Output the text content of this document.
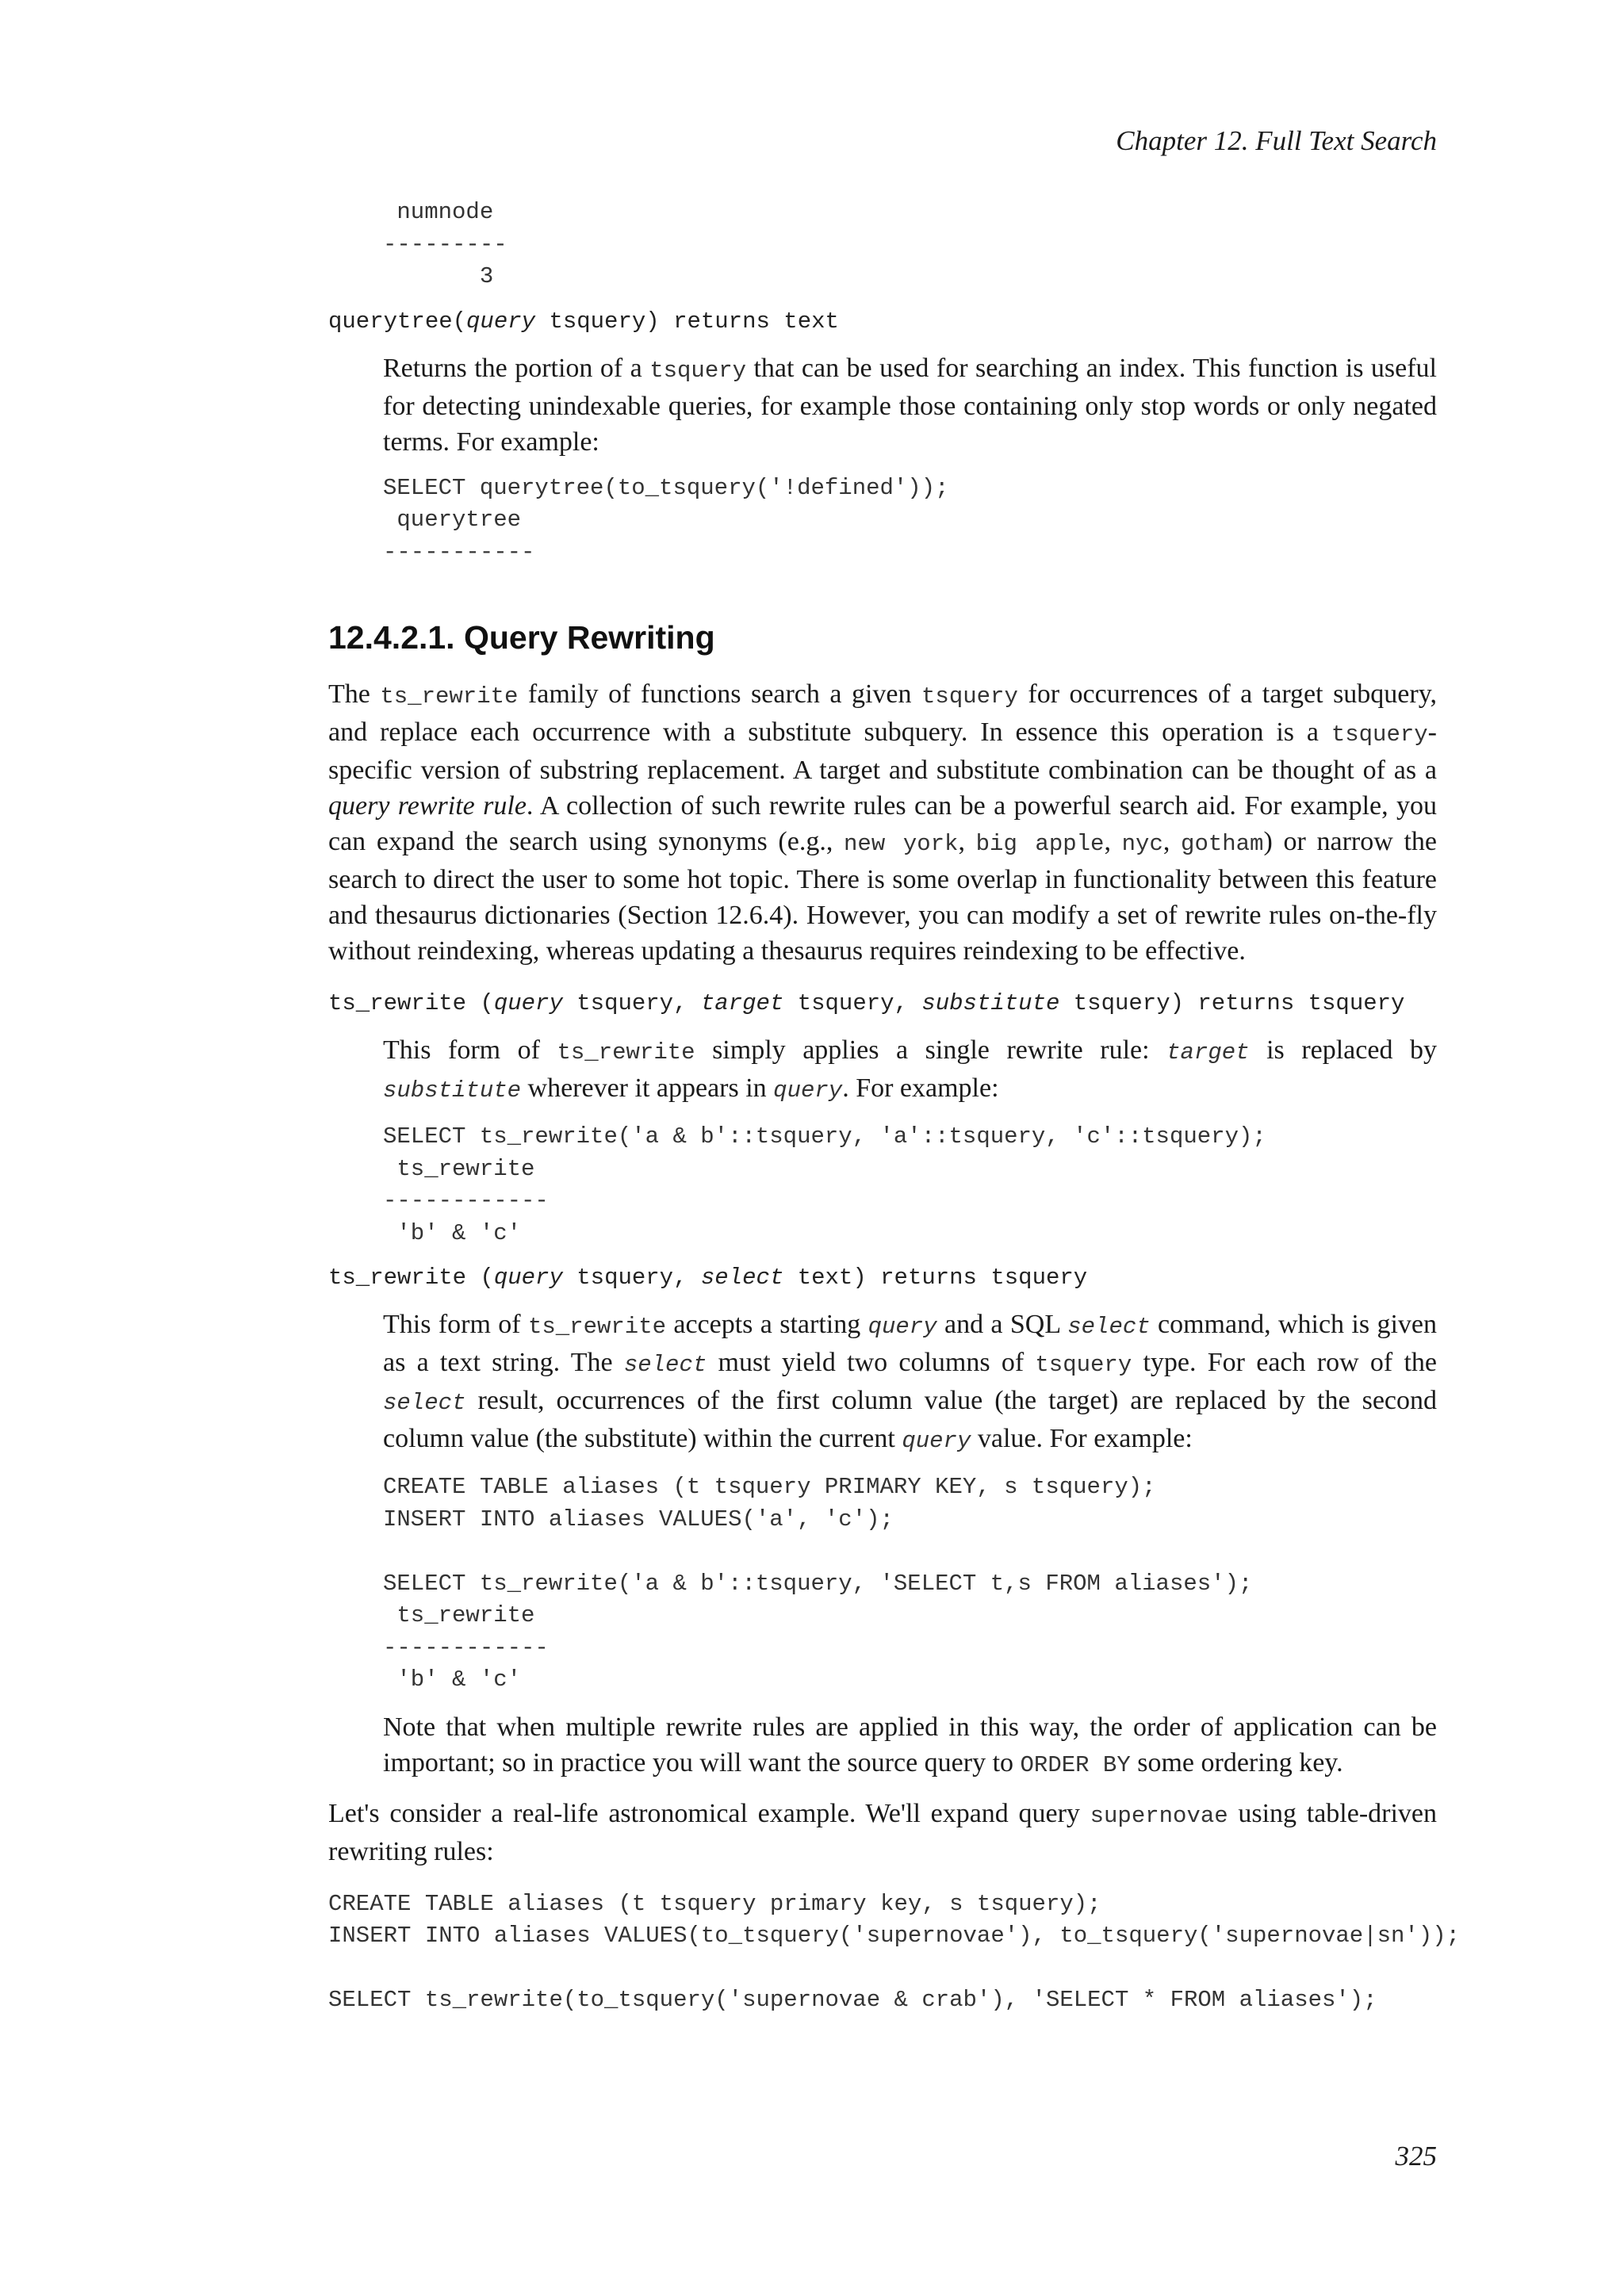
Chapter 12. Full Text Search
numnode
---------
3

querytree(query tsquery) returns text

Returns the portion of a tsquery that can be used for searching an index. This function is useful for detecting unindexable queries, for example those containing only stop words or only negated terms. For example:

SELECT querytree(to_tsquery('!defined'));
querytree
-----------
12.4.2.1. Query Rewriting

The ts_rewrite family of functions search a given tsquery for occurrences of a target subquery, and replace each occurrence with a substitute subquery. In essence this operation is a tsquery-specific version of substring replacement. A target and substitute combination can be thought of as a query rewrite rule. A collection of such rewrite rules can be a powerful search aid. For example, you can expand the search using synonyms (e.g., new york, big apple, nyc, gotham) or narrow the search to direct the user to some hot topic. There is some overlap in functionality between this feature and thesaurus dictionaries (Section 12.6.4). However, you can modify a set of rewrite rules on-the-fly without reindexing, whereas updating a thesaurus requires reindexing to be effective.

ts_rewrite (query tsquery, target tsquery, substitute tsquery) returns tsquery

This form of ts_rewrite simply applies a single rewrite rule: target is replaced by substitute wherever it appears in query. For example:

SELECT ts_rewrite('a & b'::tsquery, 'a'::tsquery, 'c'::tsquery);
ts_rewrite
------------
'b' & 'c'

ts_rewrite (query tsquery, select text) returns tsquery

This form of ts_rewrite accepts a starting query and a SQL select command, which is given as a text string. The select must yield two columns of tsquery type. For each row of the select result, occurrences of the first column value (the target) are replaced by the second column value (the substitute) within the current query value. For example:

CREATE TABLE aliases (t tsquery PRIMARY KEY, s tsquery);
INSERT INTO aliases VALUES('a', 'c');

SELECT ts_rewrite('a & b'::tsquery, 'SELECT t,s FROM aliases');
ts_rewrite
------------
'b' & 'c'

Note that when multiple rewrite rules are applied in this way, the order of application can be important; so in practice you will want the source query to ORDER BY some ordering key.

Let's consider a real-life astronomical example. We'll expand query supernovae using table-driven rewriting rules:

CREATE TABLE aliases (t tsquery primary key, s tsquery);
INSERT INTO aliases VALUES(to_tsquery('supernovae'), to_tsquery('supernovae|sn'));

SELECT ts_rewrite(to_tsquery('supernovae & crab'), 'SELECT * FROM aliases');
325
